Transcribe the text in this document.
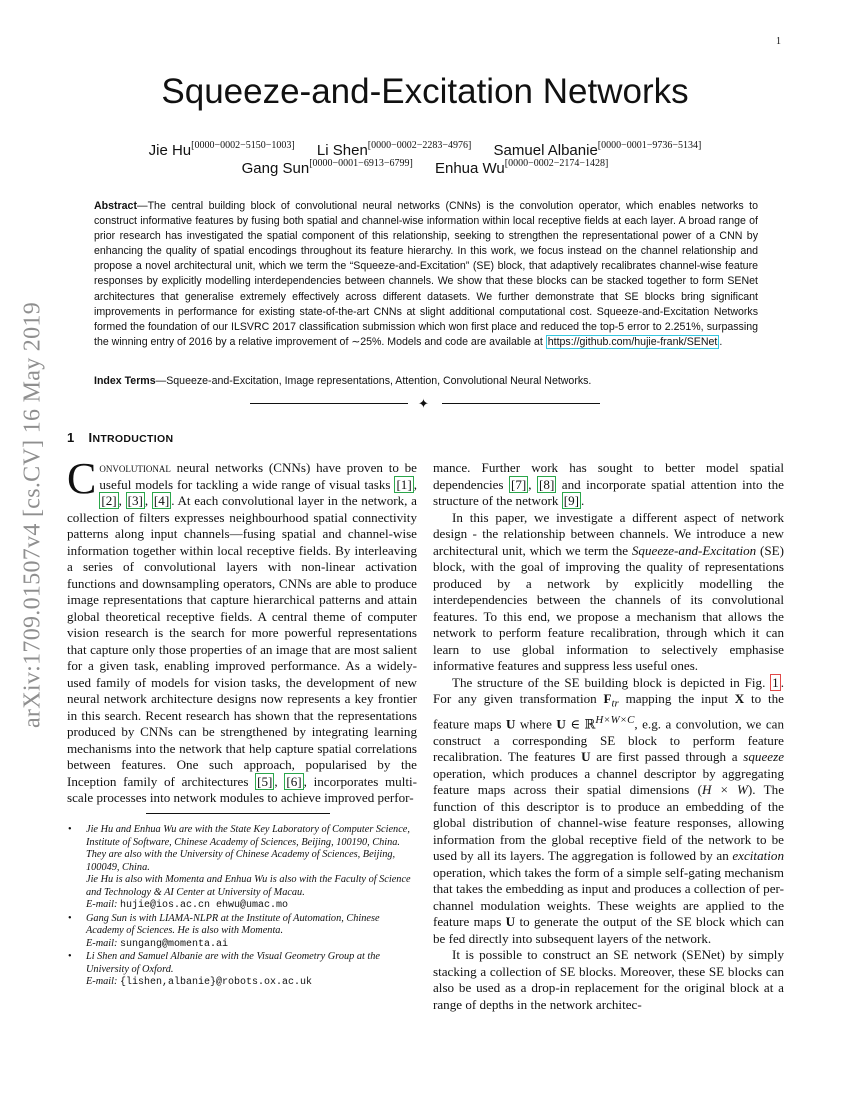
1
arXiv:1709.01507v4 [cs.CV] 16 May 2019
Squeeze-and-Excitation Networks
Jie Hu[0000−0002−5150−1003] Li Shen[0000−0002−2283−4976] Samuel Albanie[0000−0001−9736−5134]
Gang Sun[0000−0001−6913−6799] Enhua Wu[0000−0002−2174−1428]
Abstract—The central building block of convolutional neural networks (CNNs) is the convolution operator, which enables networks to construct informative features by fusing both spatial and channel-wise information within local receptive fields at each layer. A broad range of prior research has investigated the spatial component of this relationship, seeking to strengthen the representational power of a CNN by enhancing the quality of spatial encodings throughout its feature hierarchy. In this work, we focus instead on the channel relationship and propose a novel architectural unit, which we term the “Squeeze-and-Excitation” (SE) block, that adaptively recalibrates channel-wise feature responses by explicitly modelling interdependencies between channels. We show that these blocks can be stacked together to form SENet architectures that generalise extremely effectively across different datasets. We further demonstrate that SE blocks bring significant improvements in performance for existing state-of-the-art CNNs at slight additional computational cost. Squeeze-and-Excitation Networks formed the foundation of our ILSVRC 2017 classification submission which won first place and reduced the top-5 error to 2.251%, surpassing the winning entry of 2016 by a relative improvement of ∼25%. Models and code are available at https://github.com/hujie-frank/SENet .
Index Terms—Squeeze-and-Excitation, Image representations, Attention, Convolutional Neural Networks.
✦
1 INTRODUCTION

Convolutional neural networks (CNNs) have proven to be useful models for tackling a wide range of visual tasks [1] , [2] , [3] , [4] . At each convolutional layer in the network, a collection of filters expresses neighbourhood spatial connectivity patterns along input channels—fusing spatial and channel-wise information together within local receptive fields. By interleaving a series of convolutional layers with non-linear activation functions and downsampling operators, CNNs are able to produce image representations that capture hierarchical patterns and attain global theoretical receptive fields. A central theme of computer vision research is the search for more powerful representations that capture only those properties of an image that are most salient for a given task, enabling improved performance. As a widely-used family of models for vision tasks, the development of new neural network architecture designs now represents a key frontier in this search. Recent research has shown that the representations produced by CNNs can be strengthened by integrating learning mechanisms into the network that help capture spatial correlations between features. One such approach, popularised by the Inception family of architectures [5] , [6] , incorporates multi-scale processes into network modules to achieve improved perfor-

mance. Further work has sought to better model spatial dependencies [7] , [8] and incorporate spatial attention into the structure of the network [9] .

In this paper, we investigate a different aspect of network design - the relationship between channels. We introduce a new architectural unit, which we term the Squeeze-and-Excitation (SE) block, with the goal of improving the quality of representations produced by a network by explicitly modelling the interdependencies between the channels of its convolutional features. To this end, we propose a mechanism that allows the network to perform feature recalibration, through which it can learn to use global information to selectively emphasise informative features and suppress less useful ones.

The structure of the SE building block is depicted in Fig. 1 . For any given transformation $F_{tr}$ mapping the input X to the feature maps U where U ∈ ℝ$^{H\times W\times C}$, e.g. a convolution, we can construct a corresponding SE block to perform feature recalibration. The features U are first passed through a squeeze operation, which produces a channel descriptor by aggregating feature maps across their spatial dimensions (H × W). The function of this descriptor is to produce an embedding of the global distribution of channel-wise feature responses, allowing information from the global receptive field of the network to be used by all its layers. The aggregation is followed by an excitation operation, which takes the form of a simple self-gating mechanism that takes the embedding as input and produces a collection of per-channel modulation weights. These weights are applied to the feature maps U to generate the output of the SE block which can be fed directly into subsequent layers of the network.

It is possible to construct an SE network (SENet) by simply stacking a collection of SE blocks. Moreover, these SE blocks can also be used as a drop-in replacement for the original block at a range of depths in the network architec-

• Jie Hu and Enhua Wu are with the State Key Laboratory of Computer Science, Institute of Software, Chinese Academy of Sciences, Beijing, 100190, China.
They are also with the University of Chinese Academy of Sciences, Beijing, 100049, China.
Jie Hu is also with Momenta and Enhua Wu is also with the Faculty of Science and Technology & AI Center at University of Macau.
E-mail: hujie@ios.ac.cn ehwu@umac.mo
• Gang Sun is with LIAMA-NLPR at the Institute of Automation, Chinese Academy of Sciences. He is also with Momenta.
E-mail: sungang@momenta.ai
• Li Shen and Samuel Albanie are with the Visual Geometry Group at the University of Oxford.
E-mail: {lishen,albanie}@robots.ox.ac.uk
